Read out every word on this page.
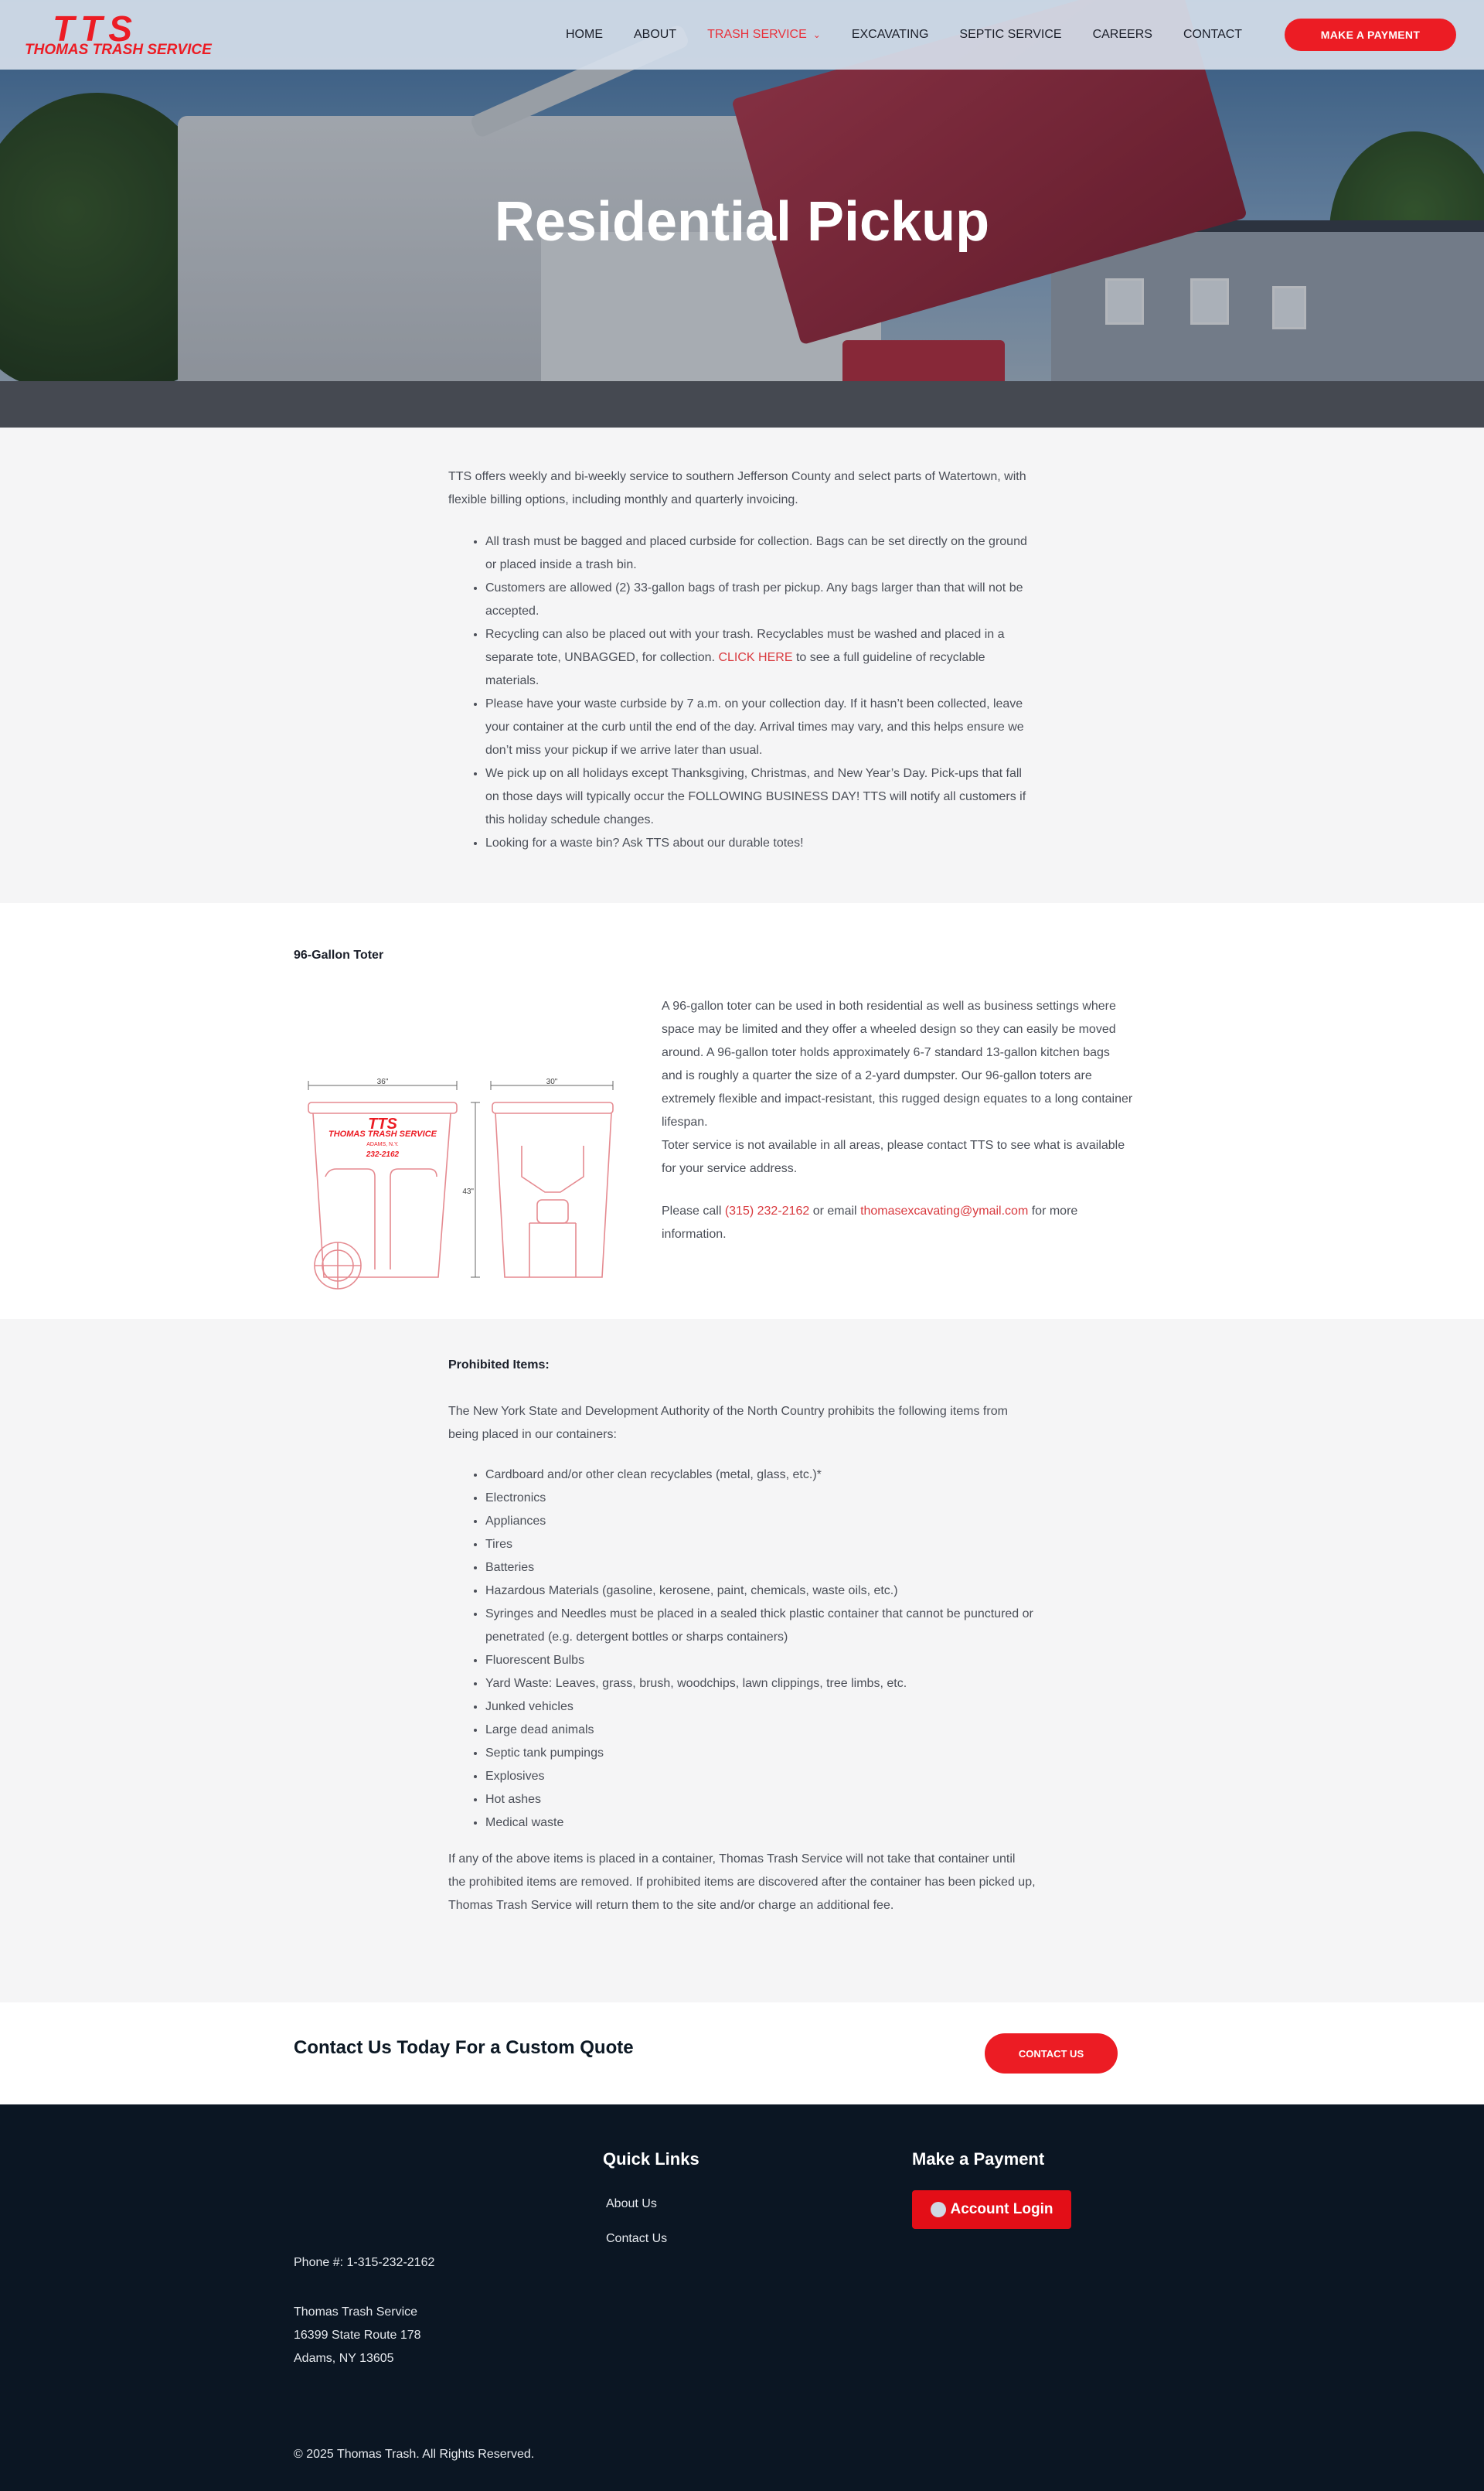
Residential Pickup
TTS
THOMAS TRASH SERVICE
HOME	ABOUT	TRASH SERVICE ⌄	EXCAVATING	SEPTIC SERVICE	CAREERS	CONTACT	MAKE A PAYMENT

TTS offers weekly and bi-weekly service to southern Jefferson County and select parts of Watertown, with flexible billing options, including monthly and quarterly invoicing.

• All trash must be bagged and placed curbside for collection. Bags can be set directly on the ground or placed inside a trash bin.
• Customers are allowed (2) 33-gallon bags of trash per pickup. Any bags larger than that will not be accepted.
• Recycling can also be placed out with your trash. Recyclables must be washed and placed in a separate tote, UNBAGGED, for collection. CLICK HERE to see a full guideline of recyclable materials.
• Please have your waste curbside by 7 a.m. on your collection day. If it hasn’t been collected, leave your container at the curb until the end of the day. Arrival times may vary, and this helps ensure we don’t miss your pickup if we arrive later than usual.
• We pick up on all holidays except Thanksgiving, Christmas, and New Year’s Day. Pick-ups that fall on those days will typically occur the FOLLOWING BUSINESS DAY! TTS will notify all customers if this holiday schedule changes.
• Looking for a waste bin? Ask TTS about our durable totes!
96-Gallon Toter
36"	30"
43"
THOMAS TRASH SERVICE
ADAMS, N.Y.
232-2162
TTS

A 96-gallon toter can be used in both residential as well as business settings where space may be limited and they offer a wheeled design so they can easily be moved around. A 96-gallon toter holds approximately 6-7 standard 13-gallon kitchen bags and is roughly a quarter the size of a 2-yard dumpster. Our 96-gallon toters are extremely flexible and impact-resistant, this rugged design equates to a long container lifespan.

Toter service is not available in all areas, please contact TTS to see what is available for your service address.

Please call (315) 232-2162 or email thomasexcavating@ymail.com for more information.

Prohibited Items:

The New York State and Development Authority of the North Country prohibits the following items from being placed in our containers:

• Cardboard and/or other clean recyclables (metal, glass, etc.)*
• Electronics
• Appliances
• Tires
• Batteries
• Hazardous Materials (gasoline, kerosene, paint, chemicals, waste oils, etc.)
• Syringes and Needles must be placed in a sealed thick plastic container that cannot be punctured or penetrated (e.g. detergent bottles or sharps containers)
• Fluorescent Bulbs
• Yard Waste: Leaves, grass, brush, woodchips, lawn clippings, tree limbs, etc.
• Junked vehicles
• Large dead animals
• Septic tank pumpings
• Explosives
• Hot ashes
• Medical waste

If any of the above items is placed in a container, Thomas Trash Service will not take that container until the prohibited items are removed. If prohibited items are discovered after the container has been picked up, Thomas Trash Service will return them to the site and/or charge an additional fee.

Contact Us Today For a Custom Quote	CONTACT US

Phone #: 1-315-232-2162

Thomas Trash Service

16399 State Route 178

Adams, NY 13605

Quick Links
About Us
Contact Us
Make a Payment
Account Login

© 2025 Thomas Trash. All Rights Reserved.
